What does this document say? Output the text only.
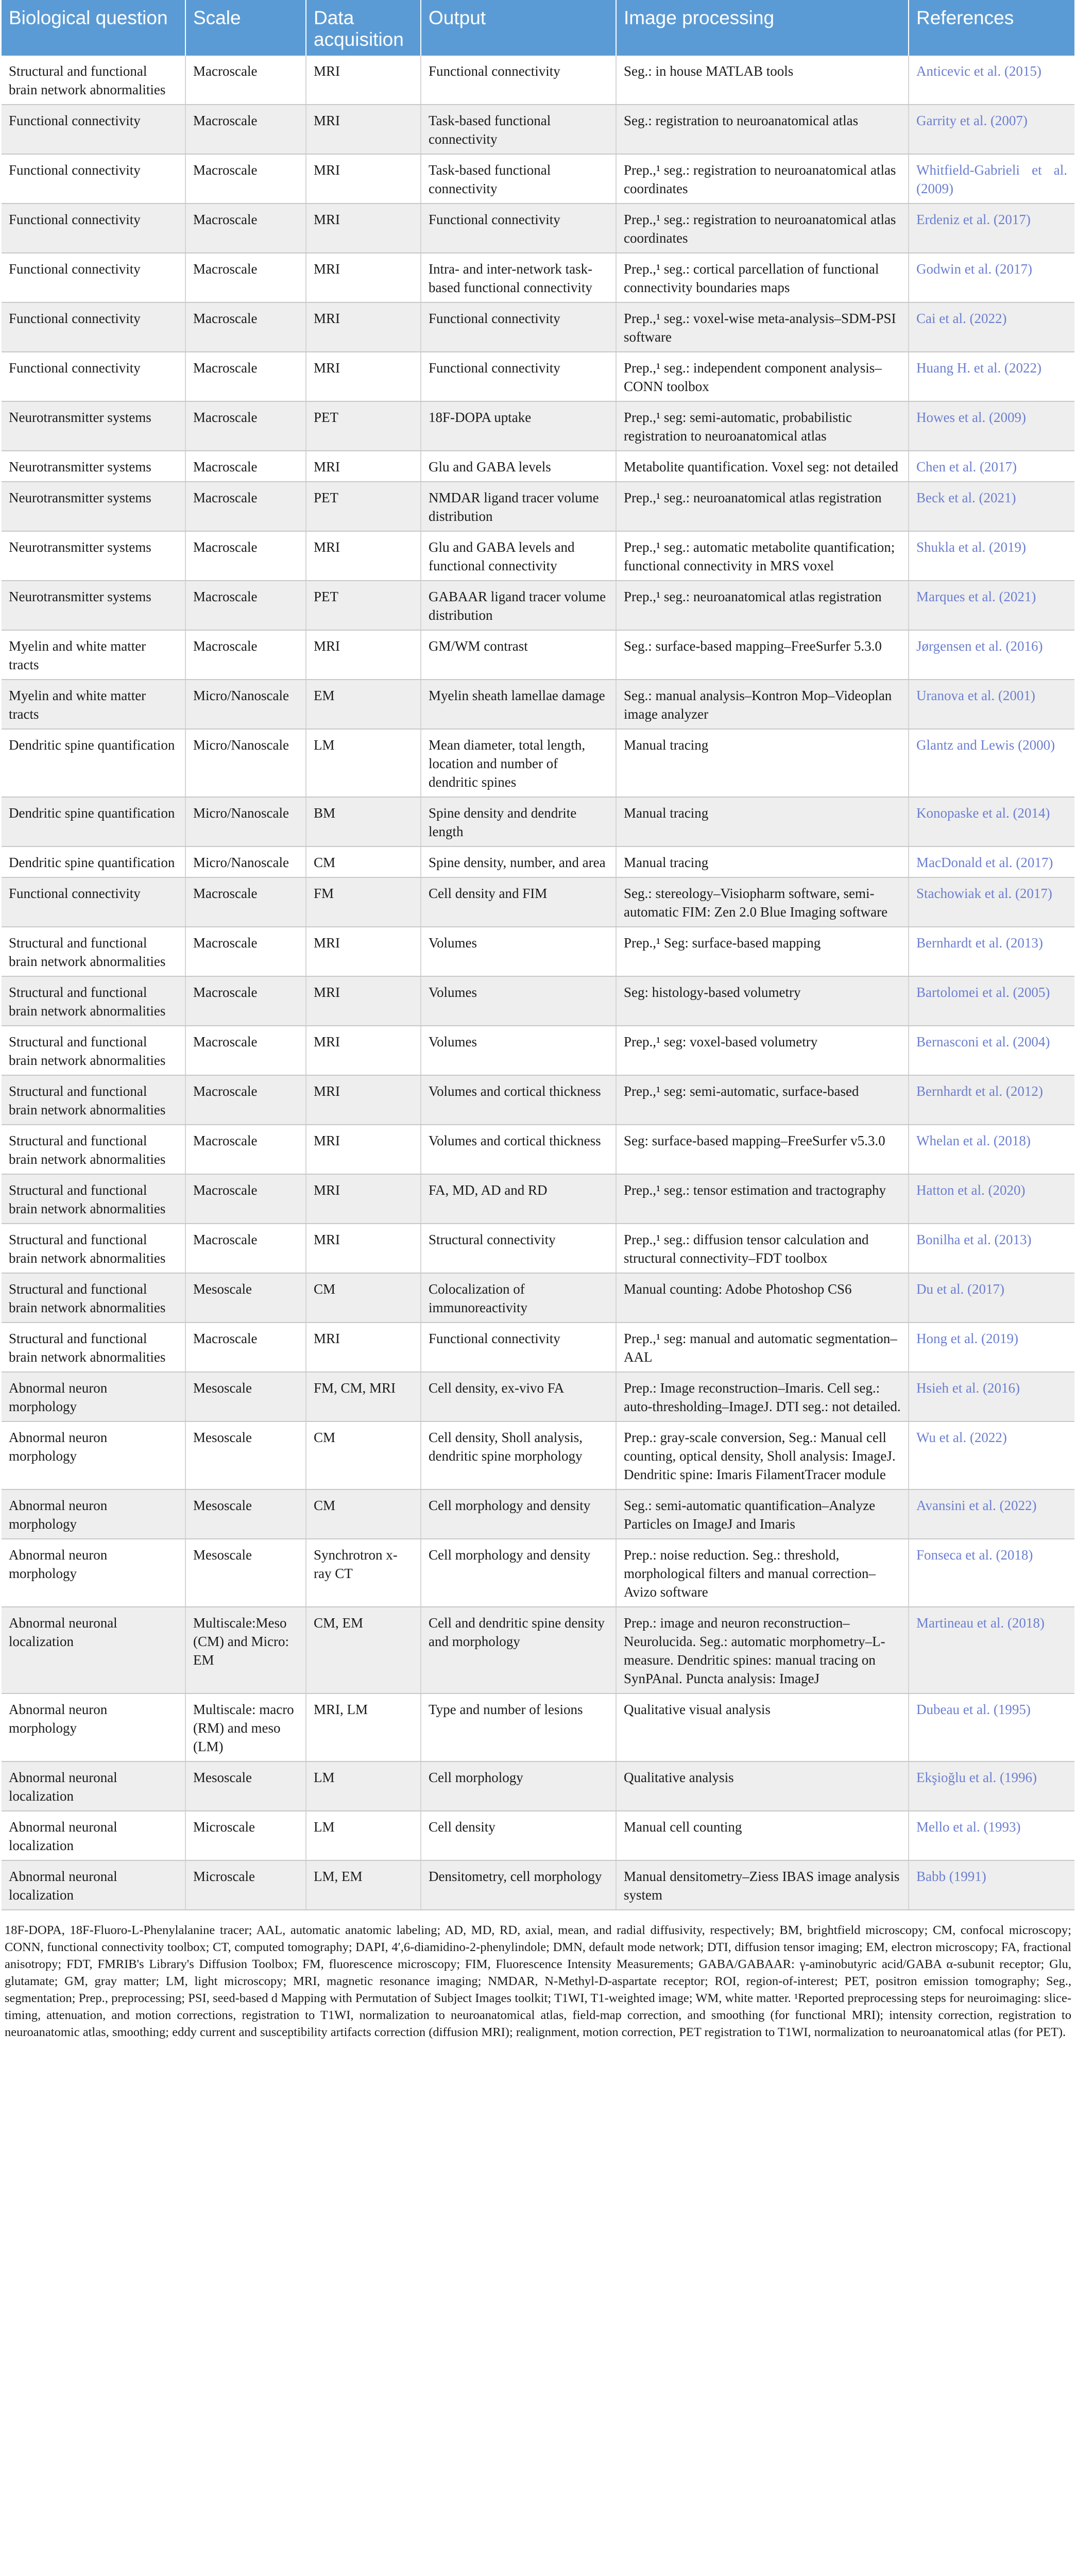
Biological question	Scale	Data acquisition	Output	Image processing	References
Structural and functional brain network abnormalities	Macroscale	MRI	Functional connectivity	Seg.: in house MATLAB tools	Anticevic et al. (2015)
Functional connectivity	Macroscale	MRI	Task-based functional connectivity	Seg.: registration to neuroanatomical atlas	Garrity et al. (2007)
Functional connectivity	Macroscale	MRI	Task-based functional connectivity	Prep.,¹ seg.: registration to neuroanatomical atlas coordinates	Whitfield-Gabrieli et al. (2009)
Functional connectivity	Macroscale	MRI	Functional connectivity	Prep.,¹ seg.: registration to neuroanatomical atlas coordinates	Erdeniz et al. (2017)
Functional connectivity	Macroscale	MRI	Intra- and inter-network task-based functional connectivity	Prep.,¹ seg.: cortical parcellation of functional connectivity boundaries maps	Godwin et al. (2017)
Functional connectivity	Macroscale	MRI	Functional connectivity	Prep.,¹ seg.: voxel-wise meta-analysis–SDM-PSI software	Cai et al. (2022)
Functional connectivity	Macroscale	MRI	Functional connectivity	Prep.,¹ seg.: independent component analysis–CONN toolbox	Huang H. et al. (2022)
Neurotransmitter systems	Macroscale	PET	18F-DOPA uptake	Prep.,¹ seg: semi-automatic, probabilistic registration to neuroanatomical atlas	Howes et al. (2009)
Neurotransmitter systems	Macroscale	MRI	Glu and GABA levels	Metabolite quantification. Voxel seg: not detailed	Chen et al. (2017)
Neurotransmitter systems	Macroscale	PET	NMDAR ligand tracer volume distribution	Prep.,¹ seg.: neuroanatomical atlas registration	Beck et al. (2021)
Neurotransmitter systems	Macroscale	MRI	Glu and GABA levels and functional connectivity	Prep.,¹ seg.: automatic metabolite quantification; functional connectivity in MRS voxel	Shukla et al. (2019)
Neurotransmitter systems	Macroscale	PET	GABAAR ligand tracer volume distribution	Prep.,¹ seg.: neuroanatomical atlas registration	Marques et al. (2021)
Myelin and white matter tracts	Macroscale	MRI	GM/WM contrast	Seg.: surface-based mapping–FreeSurfer 5.3.0	Jørgensen et al. (2016)
Myelin and white matter tracts	Micro/Nanoscale	EM	Myelin sheath lamellae damage	Seg.: manual analysis–Kontron Mop–Videoplan image analyzer	Uranova et al. (2001)
Dendritic spine quantification	Micro/Nanoscale	LM	Mean diameter, total length, location and number of dendritic spines	Manual tracing	Glantz and Lewis (2000)
Dendritic spine quantification	Micro/Nanoscale	BM	Spine density and dendrite length	Manual tracing	Konopaske et al. (2014)
Dendritic spine quantification	Micro/Nanoscale	CM	Spine density, number, and area	Manual tracing	MacDonald et al. (2017)
Functional connectivity	Macroscale	FM	Cell density and FIM	Seg.: stereology–Visiopharm software, semi-automatic FIM: Zen 2.0 Blue Imaging software	Stachowiak et al. (2017)
Structural and functional brain network abnormalities	Macroscale	MRI	Volumes	Prep.,¹ Seg: surface-based mapping	Bernhardt et al. (2013)
Structural and functional brain network abnormalities	Macroscale	MRI	Volumes	Seg: histology-based volumetry	Bartolomei et al. (2005)
Structural and functional brain network abnormalities	Macroscale	MRI	Volumes	Prep.,¹ seg: voxel-based volumetry	Bernasconi et al. (2004)
Structural and functional brain network abnormalities	Macroscale	MRI	Volumes and cortical thickness	Prep.,¹ seg: semi-automatic, surface-based	Bernhardt et al. (2012)
Structural and functional brain network abnormalities	Macroscale	MRI	Volumes and cortical thickness	Seg: surface-based mapping–FreeSurfer v5.3.0	Whelan et al. (2018)
Structural and functional brain network abnormalities	Macroscale	MRI	FA, MD, AD and RD	Prep.,¹ seg.: tensor estimation and tractography	Hatton et al. (2020)
Structural and functional brain network abnormalities	Macroscale	MRI	Structural connectivity	Prep.,¹ seg.: diffusion tensor calculation and structural connectivity–FDT toolbox	Bonilha et al. (2013)
Structural and functional brain network abnormalities	Mesoscale	CM	Colocalization of immunoreactivity	Manual counting: Adobe Photoshop CS6	Du et al. (2017)
Structural and functional brain network abnormalities	Macroscale	MRI	Functional connectivity	Prep.,¹ seg: manual and automatic segmentation–AAL	Hong et al. (2019)
Abnormal neuron morphology	Mesoscale	FM, CM, MRI	Cell density, ex-vivo FA	Prep.: Image reconstruction–Imaris. Cell seg.: auto-thresholding–ImageJ. DTI seg.: not detailed.	Hsieh et al. (2016)
Abnormal neuron morphology	Mesoscale	CM	Cell density, Sholl analysis, dendritic spine morphology	Prep.: gray-scale conversion, Seg.: Manual cell counting, optical density, Sholl analysis: ImageJ. Dendritic spine: Imaris FilamentTracer module	Wu et al. (2022)
Abnormal neuron morphology	Mesoscale	CM	Cell morphology and density	Seg.: semi-automatic quantification–Analyze Particles on ImageJ and Imaris	Avansini et al. (2022)
Abnormal neuron morphology	Mesoscale	Synchrotron x-ray CT	Cell morphology and density	Prep.: noise reduction. Seg.: threshold, morphological filters and manual correction–Avizo software	Fonseca et al. (2018)
Abnormal neuronal localization	Multiscale:Meso (CM) and Micro: EM	CM, EM	Cell and dendritic spine density and morphology	Prep.: image and neuron reconstruction–Neurolucida. Seg.: automatic morphometry–L-measure. Dendritic spines: manual tracing on SynPAnal. Puncta analysis: ImageJ	Martineau et al. (2018)
Abnormal neuron morphology	Multiscale: macro (RM) and meso (LM)	MRI, LM	Type and number of lesions	Qualitative visual analysis	Dubeau et al. (1995)
Abnormal neuronal localization	Mesoscale	LM	Cell morphology	Qualitative analysis	Ekşioğlu et al. (1996)
Abnormal neuronal localization	Microscale	LM	Cell density	Manual cell counting	Mello et al. (1993)
Abnormal neuronal localization	Microscale	LM, EM	Densitometry, cell morphology	Manual densitometry–Ziess IBAS image analysis system	Babb (1991)
18F-DOPA, 18F-Fluoro-L-Phenylalanine tracer; AAL, automatic anatomic labeling; AD, MD, RD, axial, mean, and radial diffusivity, respectively; BM, brightfield microscopy; CM, confocal microscopy; CONN, functional connectivity toolbox; CT, computed tomography; DAPI, 4′,6-diamidino-2-phenylindole; DMN, default mode network; DTI, diffusion tensor imaging; EM, electron microscopy; FA, fractional anisotropy; FDT, FMRIB's Library's Diffusion Toolbox; FM, fluorescence microscopy; FIM, Fluorescence Intensity Measurements; GABA/GABAAR: γ-aminobutyric acid/GABA α-subunit receptor; Glu, glutamate; GM, gray matter; LM, light microscopy; MRI, magnetic resonance imaging; NMDAR, N-Methyl-D-aspartate receptor; ROI, region-of-interest; PET, positron emission tomography; Seg., segmentation; Prep., preprocessing; PSI, seed-based d Mapping with Permutation of Subject Images toolkit; T1WI, T1-weighted image; WM, white matter. ¹Reported preprocessing steps for neuroimaging: slice-timing, attenuation, and motion corrections, registration to T1WI, normalization to neuroanatomical atlas, field-map correction, and smoothing (for functional MRI); intensity correction, registration to neuroanatomic atlas, smoothing; eddy current and susceptibility artifacts correction (diffusion MRI); realignment, motion correction, PET registration to T1WI, normalization to neuroanatomical atlas (for PET).
